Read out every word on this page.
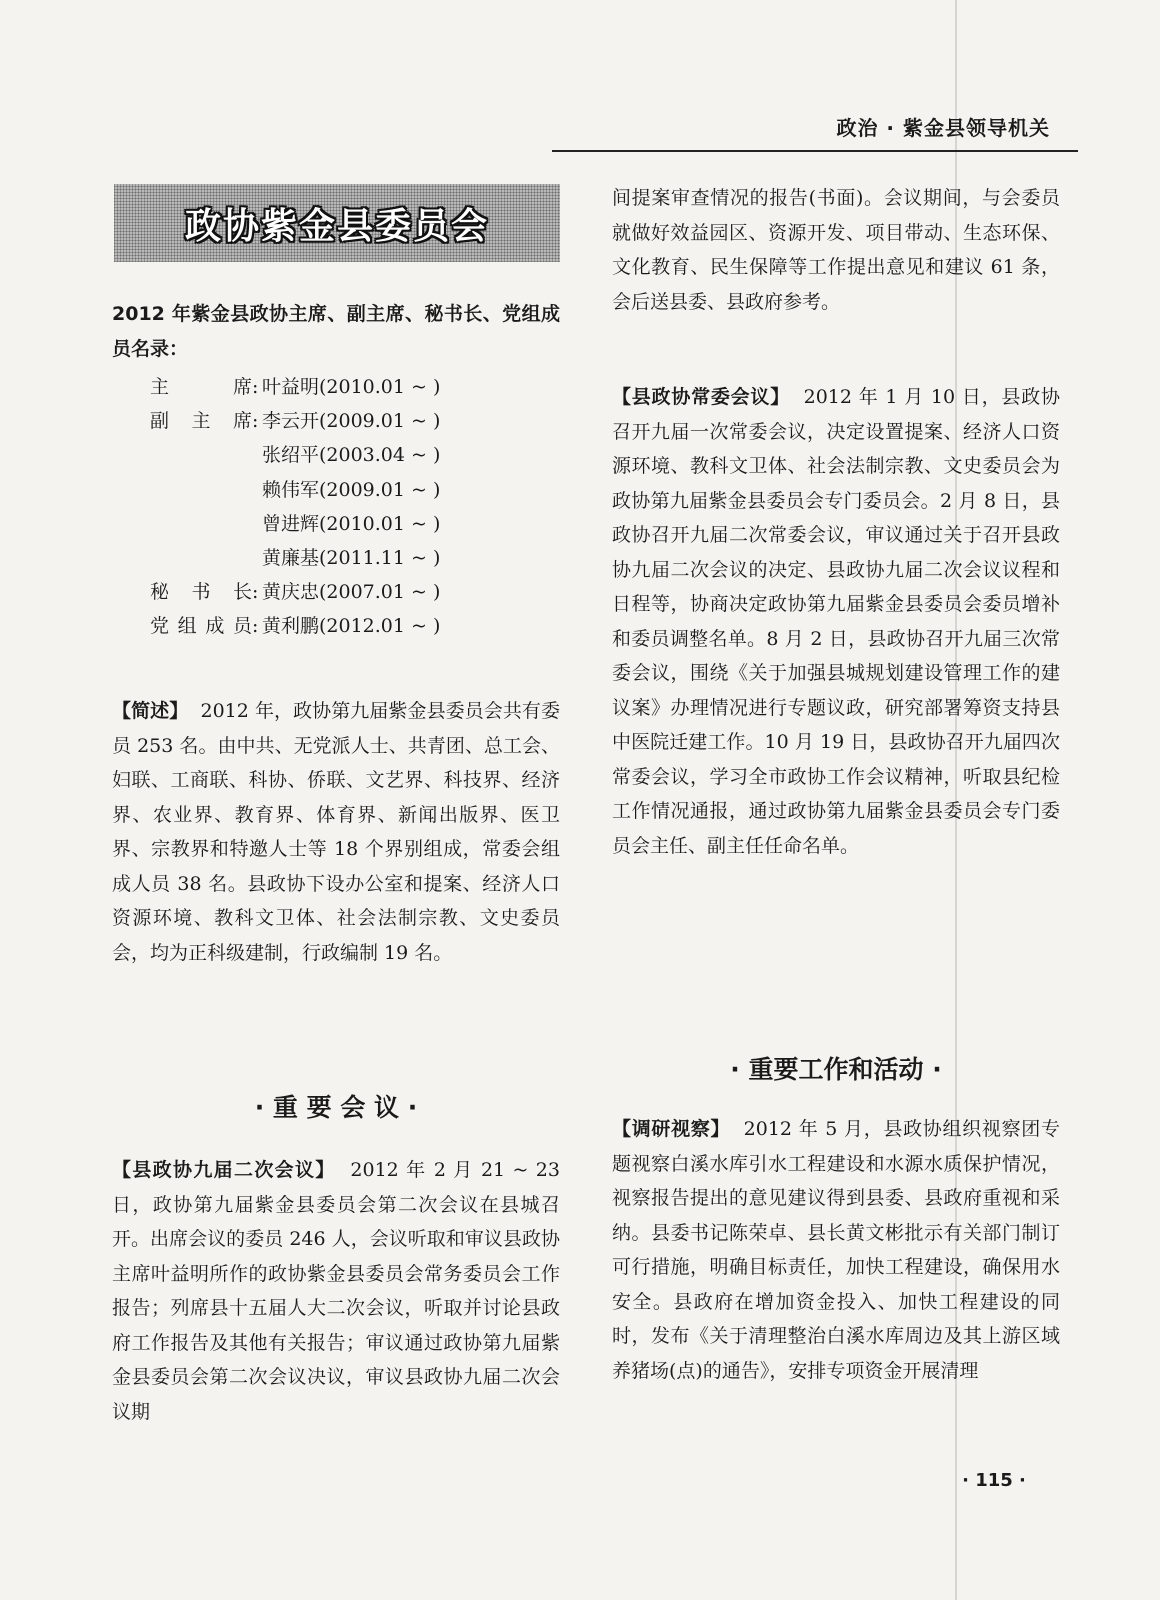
政治 · 紫金县领导机关
政协紫金县委员会

2012 年紫金县政协主席、副主席、秘书长、党组成员名录：

主席 : 叶益明(2010.01 ~ )
副主席 : 李云开(2009.01 ~ )
张绍平(2003.04 ~ )
赖伟军(2009.01 ~ )
曾进辉(2010.01 ~ )
黄廉基(2011.11 ~ )
秘书长 : 黄庆忠(2007.01 ~ )
党组成员 : 黄利鹏(2012.01 ~ )

【简述】 2012 年，政协第九届紫金县委员会共有委员 253 名。由中共、无党派人士、共青团、总工会、妇联、工商联、科协、侨联、文艺界、科技界、经济界、农业界、教育界、体育界、新闻出版界、医卫界、宗教界和特邀人士等 18 个界别组成，常委会组成人员 38 名。县政协下设办公室和提案、经济人口资源环境、教科文卫体、社会法制宗教、文史委员会，均为正科级建制，行政编制 19 名。

· 重 要 会 议 ·

【县政协九届二次会议】 2012 年 2 月 21 ~ 23 日，政协第九届紫金县委员会第二次会议在县城召开。出席会议的委员 246 人，会议听取和审议县政协主席叶益明所作的政协紫金县委员会常务委员会工作报告；列席县十五届人大二次会议，听取并讨论县政府工作报告及其他有关报告；审议通过政协第九届紫金县委员会第二次会议决议，审议县政协九届二次会议期

间提案审查情况的报告(书面)。会议期间，与会委员就做好效益园区、资源开发、项目带动、生态环保、文化教育、民生保障等工作提出意见和建议 61 条，会后送县委、县政府参考。

【县政协常委会议】 2012 年 1 月 10 日，县政协召开九届一次常委会议，决定设置提案、经济人口资源环境、教科文卫体、社会法制宗教、文史委员会为政协第九届紫金县委员会专门委员会。2 月 8 日，县政协召开九届二次常委会议，审议通过关于召开县政协九届二次会议的决定、县政协九届二次会议议程和日程等，协商决定政协第九届紫金县委员会委员增补和委员调整名单。8 月 2 日，县政协召开九届三次常委会议，围绕《关于加强县城规划建设管理工作的建议案》办理情况进行专题议政，研究部署筹资支持县中医院迁建工作。10 月 19 日，县政协召开九届四次常委会议，学习全市政协工作会议精神，听取县纪检工作情况通报，通过政协第九届紫金县委员会专门委员会主任、副主任任命名单。

· 重要工作和活动 ·

【调研视察】 2012 年 5 月，县政协组织视察团专题视察白溪水库引水工程建设和水源水质保护情况，视察报告提出的意见建议得到县委、县政府重视和采纳。县委书记陈荣卓、县长黄文彬批示有关部门制订可行措施，明确目标责任，加快工程建设，确保用水安全。县政府在增加资金投入、加快工程建设的同时，发布《关于清理整治白溪水库周边及其上游区域养猪场(点)的通告》，安排专项资金开展清理

· 115 ·
